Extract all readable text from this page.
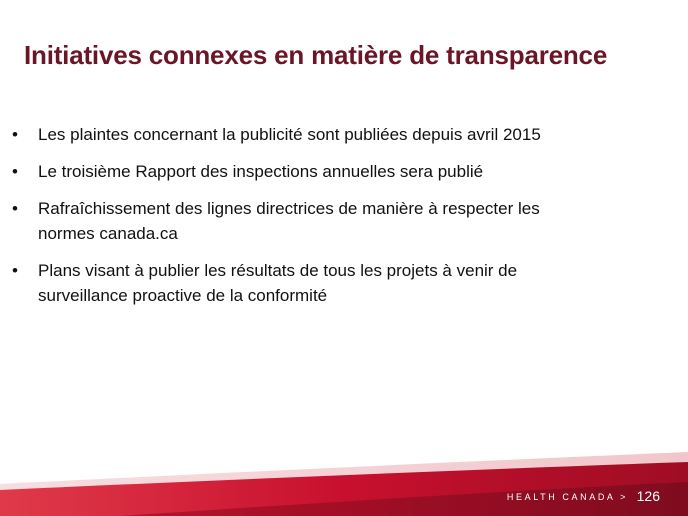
Initiatives connexes en matière de transparence
• Les plaintes concernant la publicité sont publiées depuis avril 2015
• Le troisième Rapport des inspections annuelles sera publié
• Rafraîchissement des lignes directrices de manière à respecter les normes canada.ca
• Plans visant à publier les résultats de tous les projets à venir de surveillance proactive de la conformité
HEALTH CANADA > 126
